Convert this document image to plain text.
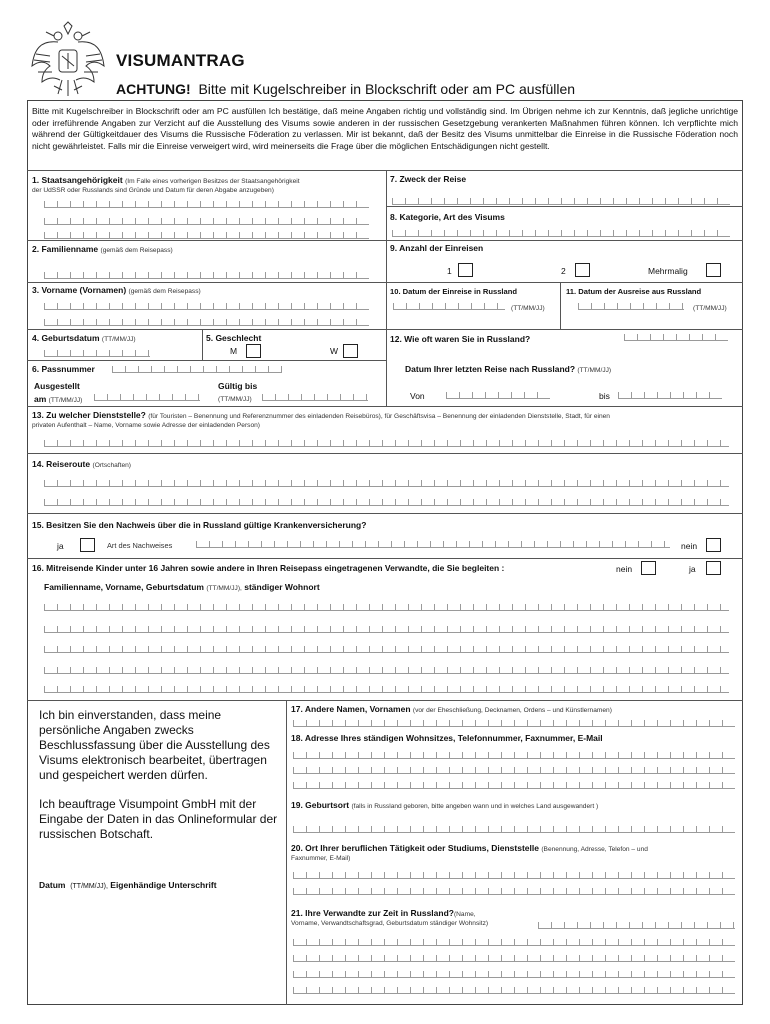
VISUMANTRAG
ACHTUNG! Bitte mit Kugelschreiber in Blockschrift oder am PC ausfüllen
Bitte mit Kugelschreiber in Blockschrift oder am PC ausfüllen Ich bestätige, daß meine Angaben richtig und vollständig sind. Im Übrigen nehme ich zur Kenntnis, daß jegliche unrichtige oder irreführende Angaben zur Verzicht auf die Ausstellung des Visums sowie anderen in der russischen Gesetzgebung verankerten Maßnahmen führen können. Ich verpflichte mich während der Gültigkeitdauer des Visums die Russische Föderation zu verlassen. Mir ist bekannt, daß der Besitz des Visums unmittelbar die Einreise in die Russische Föderation noch nicht gewährleistet. Falls mir die Einreise verweigert wird, wird meinerseits die Frage über die möglichen Entschädigungen nicht gestellt.
1. Staatsangehörigkeit (Im Falle eines vorherigen Besitzes der Staatsangehörigkeit
der UdSSR oder Russlands sind Gründe und Datum für deren Abgabe anzugeben)
7. Zweck der Reise
8. Kategorie, Art des Visums
2. Familienname (gemäß dem Reisepass)	9. Anzahl der Einreisen
1	2	Mehrmalig
3. Vorname (Vornamen) (gemäß dem Reisepass)	10. Datum der Einreise in Russland
(TT/MM/JJ)
11. Datum der Ausreise aus Russland
(TT/MM/JJ)
4. Geburtsdatum (TT/MM/JJ)	5. Geschlecht
M	W
12. Wie oft waren Sie in Russland?
Datum Ihrer letzten Reise nach Russland? (TT/MM/JJ)
Von	bis
6. Passnummer
Ausgestellt
am (TT/MM/JJ)
Gültig bis
(TT/MM/JJ)
13. Zu welcher Dienststelle? (für Touristen – Benennung und Referenznummer des einladenden Reisebüros), für Geschäftsvisa – Benennung der einladenden Dienststelle, Stadt, für einen
privaten Aufenthalt – Name, Vorname sowie Adresse der einladenden Person)
14. Reiseroute (Ortschaften)
15. Besitzen Sie den Nachweis über die in Russland gültige Krankenversicherung?
ja	Art des Nachweises	nein
16. Mitreisende Kinder unter 16 Jahren sowie andere in Ihren Reisepass eingetragenen Verwandte, die Sie begleiten :	nein	ja
Familienname, Vorname, Geburtsdatum (TT/MM/JJ), ständiger Wohnort

Ich bin einverstanden, dass meine persönliche Angaben zwecks Beschlussfassung über die Ausstellung des Visums elektronisch bearbeitet, übertragen und gespeichert werden dürfen.

Ich beauftrage Visumpoint GmbH mit der Eingabe der Daten in das Onlineformular der russischen Botschaft.

Datum (TT/MM/JJ), Eigenhändige Unterschrift
17. Andere Namen, Vornamen (vor der Eheschließung, Decknamen, Ordens – und Künstlernamen)
18. Adresse Ihres ständigen Wohnsitzes, Telefonnummer, Faxnummer, E-Mail
19. Geburtsort (falls in Russland geboren, bitte angeben wann und in welches Land ausgewandert )
20. Ort Ihrer beruflichen Tätigkeit oder Studiums, Dienststelle (Benennung, Adresse, Telefon – und
Faxnummer, E-Mail)
21. Ihre Verwandte zur Zeit in Russland?(Name,
Vorname, Verwandtschaftsgrad, Geburtsdatum ständiger Wohnsitz)
